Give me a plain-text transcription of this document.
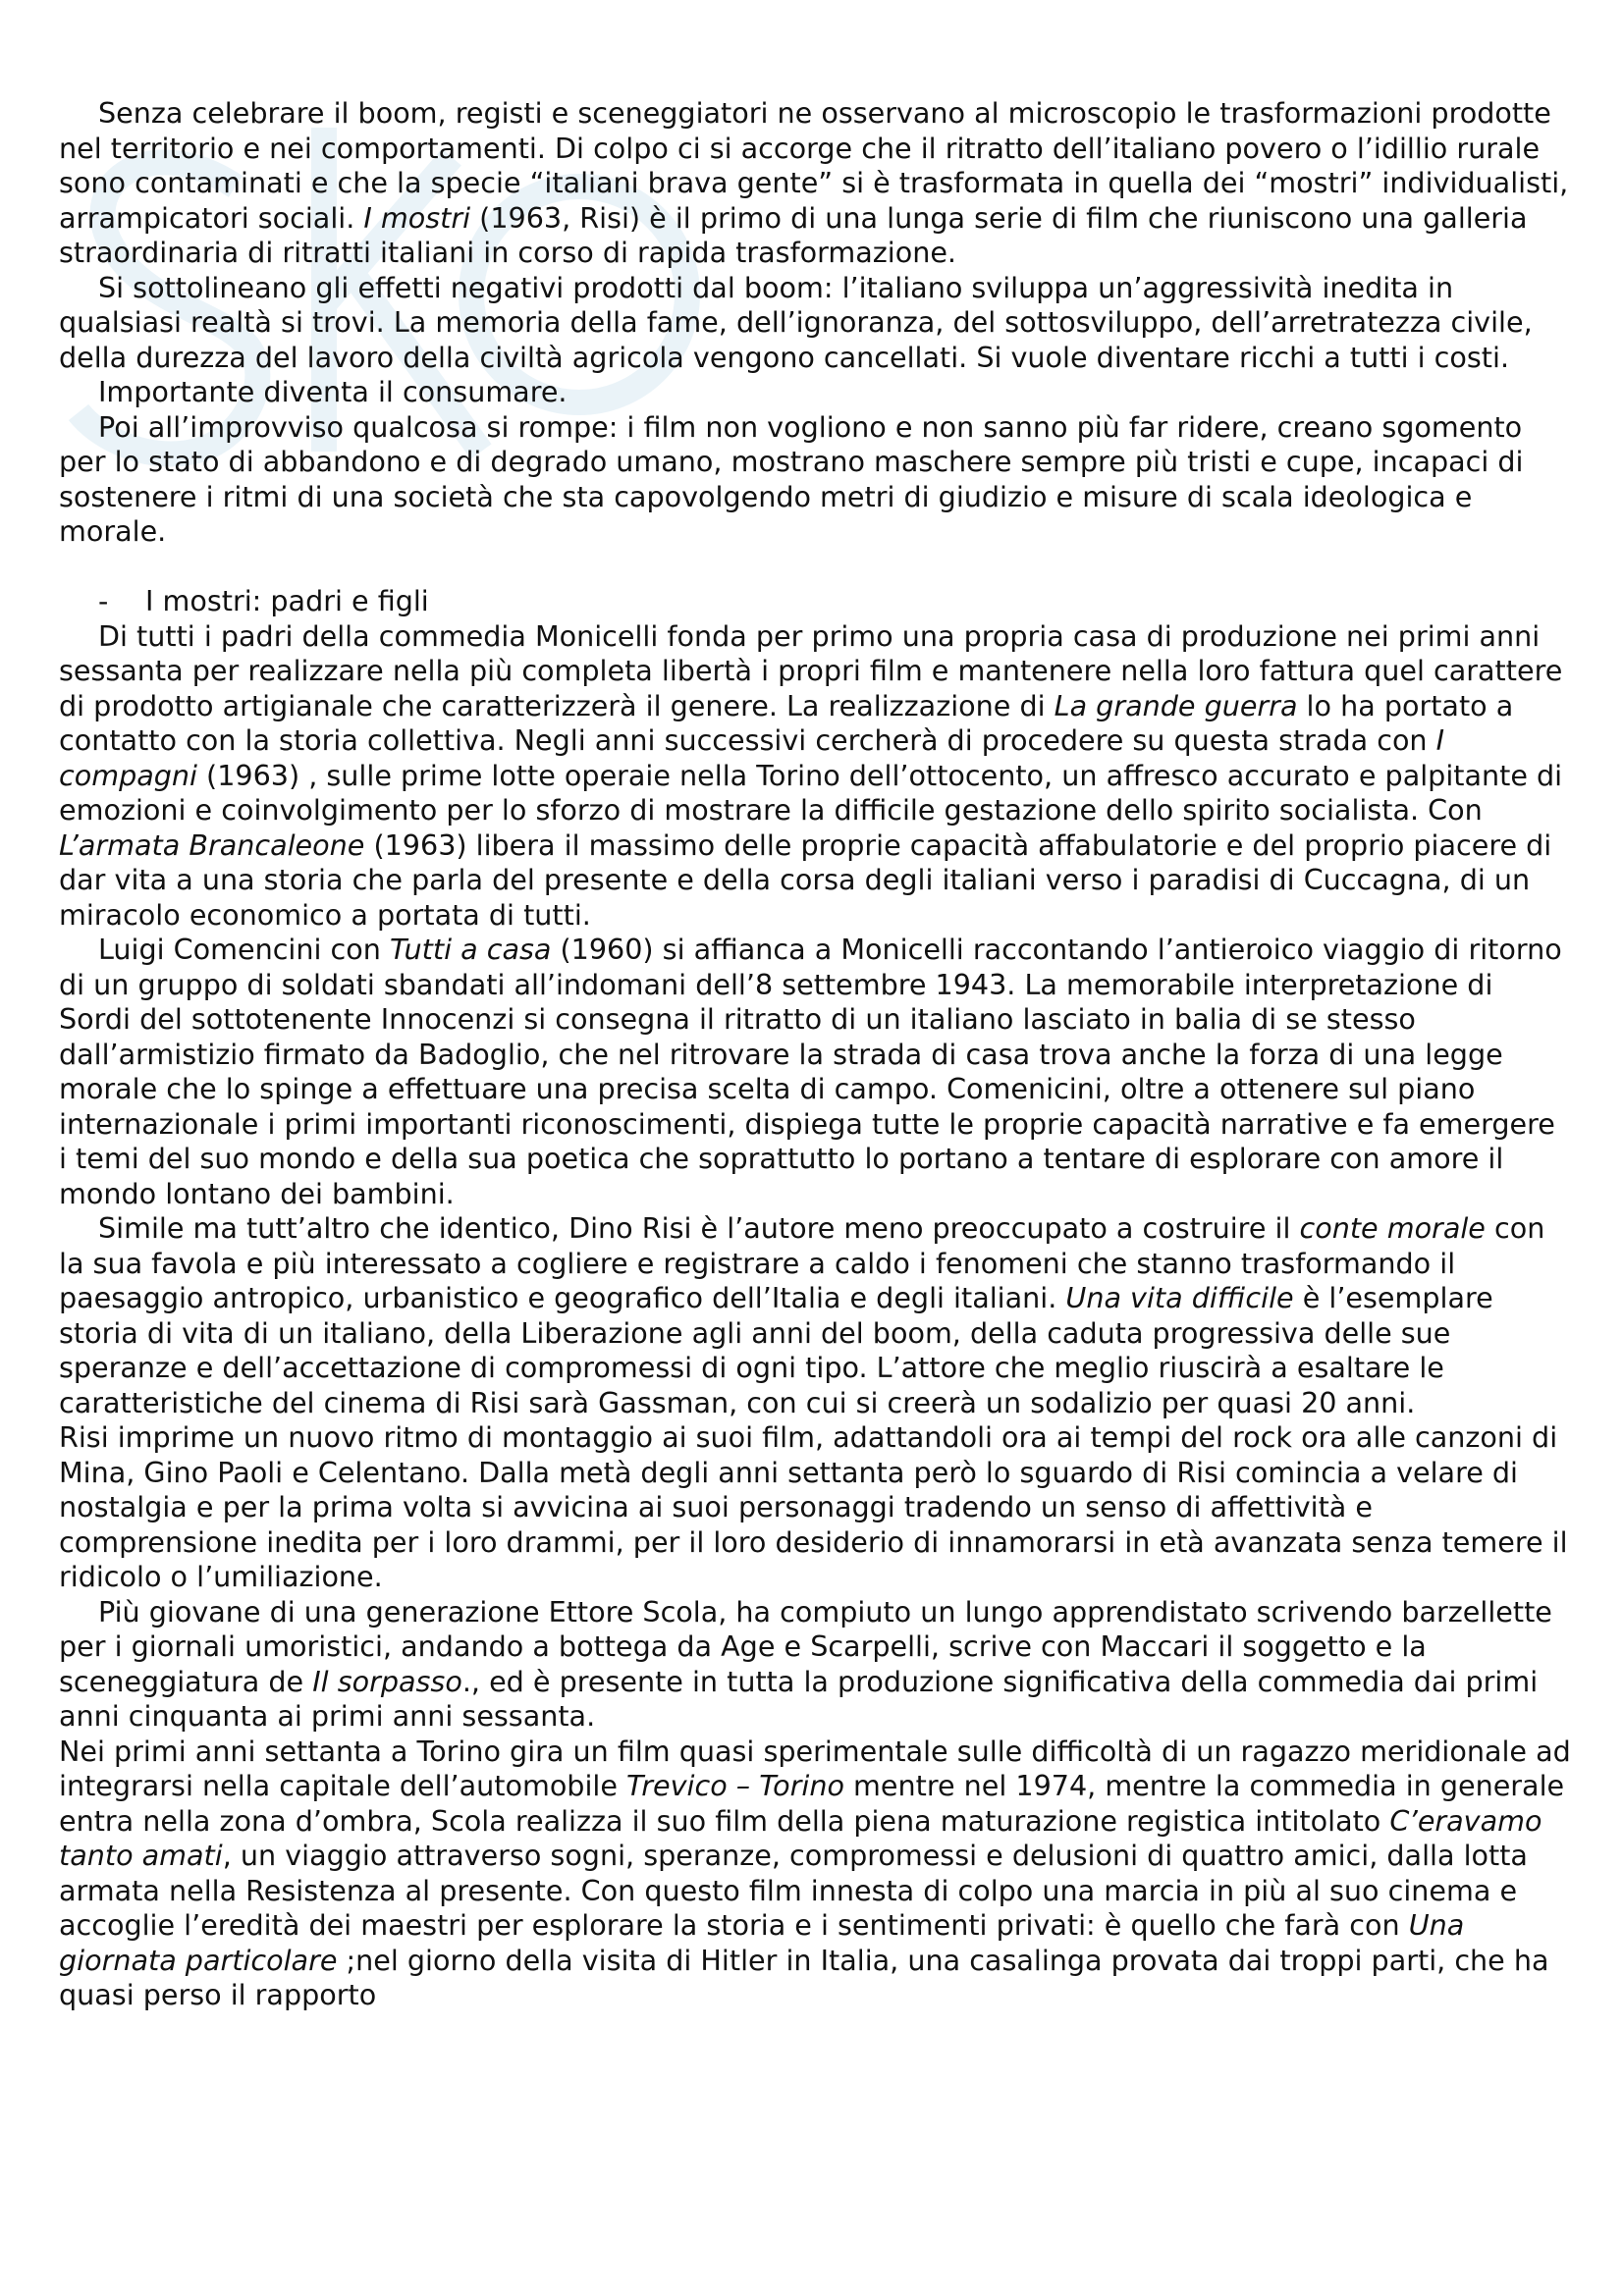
Senza celebrare il boom, registi e sceneggiatori ne osservano al microscopio le trasformazioni prodotte nel territorio e nei comportamenti. Di colpo ci si accorge che il ritratto dell’italiano povero o l’idillio rurale sono contaminati e che la specie “italiani brava gente” si è trasformata in quella dei “mostri” individualisti, arrampicatori sociali. I mostri (1963, Risi) è il primo di una lunga serie di film che riuniscono una galleria straordinaria di ritratti italiani in corso di rapida trasformazione.

Si sottolineano gli effetti negativi prodotti dal boom: l’italiano sviluppa un’aggressività inedita in qualsiasi realtà si trovi. La memoria della fame, dell’ignoranza, del sottosviluppo, dell’arretratezza civile, della durezza del lavoro della civiltà agricola vengono cancellati. Si vuole diventare ricchi a tutti i costi.

Importante diventa il consumare.

Poi all’improvviso qualcosa si rompe: i film non vogliono e non sanno più far ridere, creano sgomento per lo stato di abbandono e di degrado umano, mostrano maschere sempre più tristi e cupe, incapaci di sostenere i ritmi di una società che sta capovolgendo metri di giudizio e misure di scala ideologica e morale.

- I mostri: padri e figli

Di tutti i padri della commedia Monicelli fonda per primo una propria casa di produzione nei primi anni sessanta per realizzare nella più completa libertà i propri film e mantenere nella loro fattura quel carattere di prodotto artigianale che caratterizzerà il genere. La realizzazione di La grande guerra lo ha portato a contatto con la storia collettiva. Negli anni successivi cercherà di procedere su questa strada con I compagni (1963) , sulle prime lotte operaie nella Torino dell’ottocento, un affresco accurato e palpitante di emozioni e coinvolgimento per lo sforzo di mostrare la difficile gestazione dello spirito socialista. Con L’armata Brancaleone (1963) libera il massimo delle proprie capacità affabulatorie e del proprio piacere di dar vita a una storia che parla del presente e della corsa degli italiani verso i paradisi di Cuccagna, di un miracolo economico a portata di tutti.

Luigi Comencini con Tutti a casa (1960) si affianca a Monicelli raccontando l’antieroico viaggio di ritorno di un gruppo di soldati sbandati all’indomani dell’8 settembre 1943. La memorabile interpretazione di Sordi del sottotenente Innocenzi si consegna il ritratto di un italiano lasciato in balia di se stesso dall’armistizio firmato da Badoglio, che nel ritrovare la strada di casa trova anche la forza di una legge morale che lo spinge a effettuare una precisa scelta di campo. Comenicini, oltre a ottenere sul piano internazionale i primi importanti riconoscimenti, dispiega tutte le proprie capacità narrative e fa emergere i temi del suo mondo e della sua poetica che soprattutto lo portano a tentare di esplorare con amore il mondo lontano dei bambini.

Simile ma tutt’altro che identico, Dino Risi è l’autore meno preoccupato a costruire il conte morale con la sua favola e più interessato a cogliere e registrare a caldo i fenomeni che stanno trasformando il paesaggio antropico, urbanistico e geografico dell’Italia e degli italiani. Una vita difficile è l’esemplare storia di vita di un italiano, della Liberazione agli anni del boom, della caduta progressiva delle sue speranze e dell’accettazione di compromessi di ogni tipo. L’attore che meglio riuscirà a esaltare le caratteristiche del cinema di Risi sarà Gassman, con cui si creerà un sodalizio per quasi 20 anni.

Risi imprime un nuovo ritmo di montaggio ai suoi film, adattandoli ora ai tempi del rock ora alle canzoni di Mina, Gino Paoli e Celentano. Dalla metà degli anni settanta però lo sguardo di Risi comincia a velare di nostalgia e per la prima volta si avvicina ai suoi personaggi tradendo un senso di affettività e comprensione inedita per i loro drammi, per il loro desiderio di innamorarsi in età avanzata senza temere il ridicolo o l’umiliazione.

Più giovane di una generazione Ettore Scola, ha compiuto un lungo apprendistato scrivendo barzellette per i giornali umoristici, andando a bottega da Age e Scarpelli, scrive con Maccari il soggetto e la sceneggiatura de Il sorpasso., ed è presente in tutta la produzione significativa della commedia dai primi anni cinquanta ai primi anni sessanta.

Nei primi anni settanta a Torino gira un film quasi sperimentale sulle difficoltà di un ragazzo meridionale ad integrarsi nella capitale dell’automobile Trevico – Torino mentre nel 1974, mentre la commedia in generale entra nella zona d’ombra, Scola realizza il suo film della piena maturazione registica intitolato C’eravamo tanto amati, un viaggio attraverso sogni, speranze, compromessi e delusioni di quattro amici, dalla lotta armata nella Resistenza al presente. Con questo film innesta di colpo una marcia in più al suo cinema e accoglie l’eredità dei maestri per esplorare la storia e i sentimenti privati: è quello che farà con Una giornata particolare ;nel giorno della visita di Hitler in Italia, una casalinga provata dai troppi parti, che ha quasi perso il rapporto
